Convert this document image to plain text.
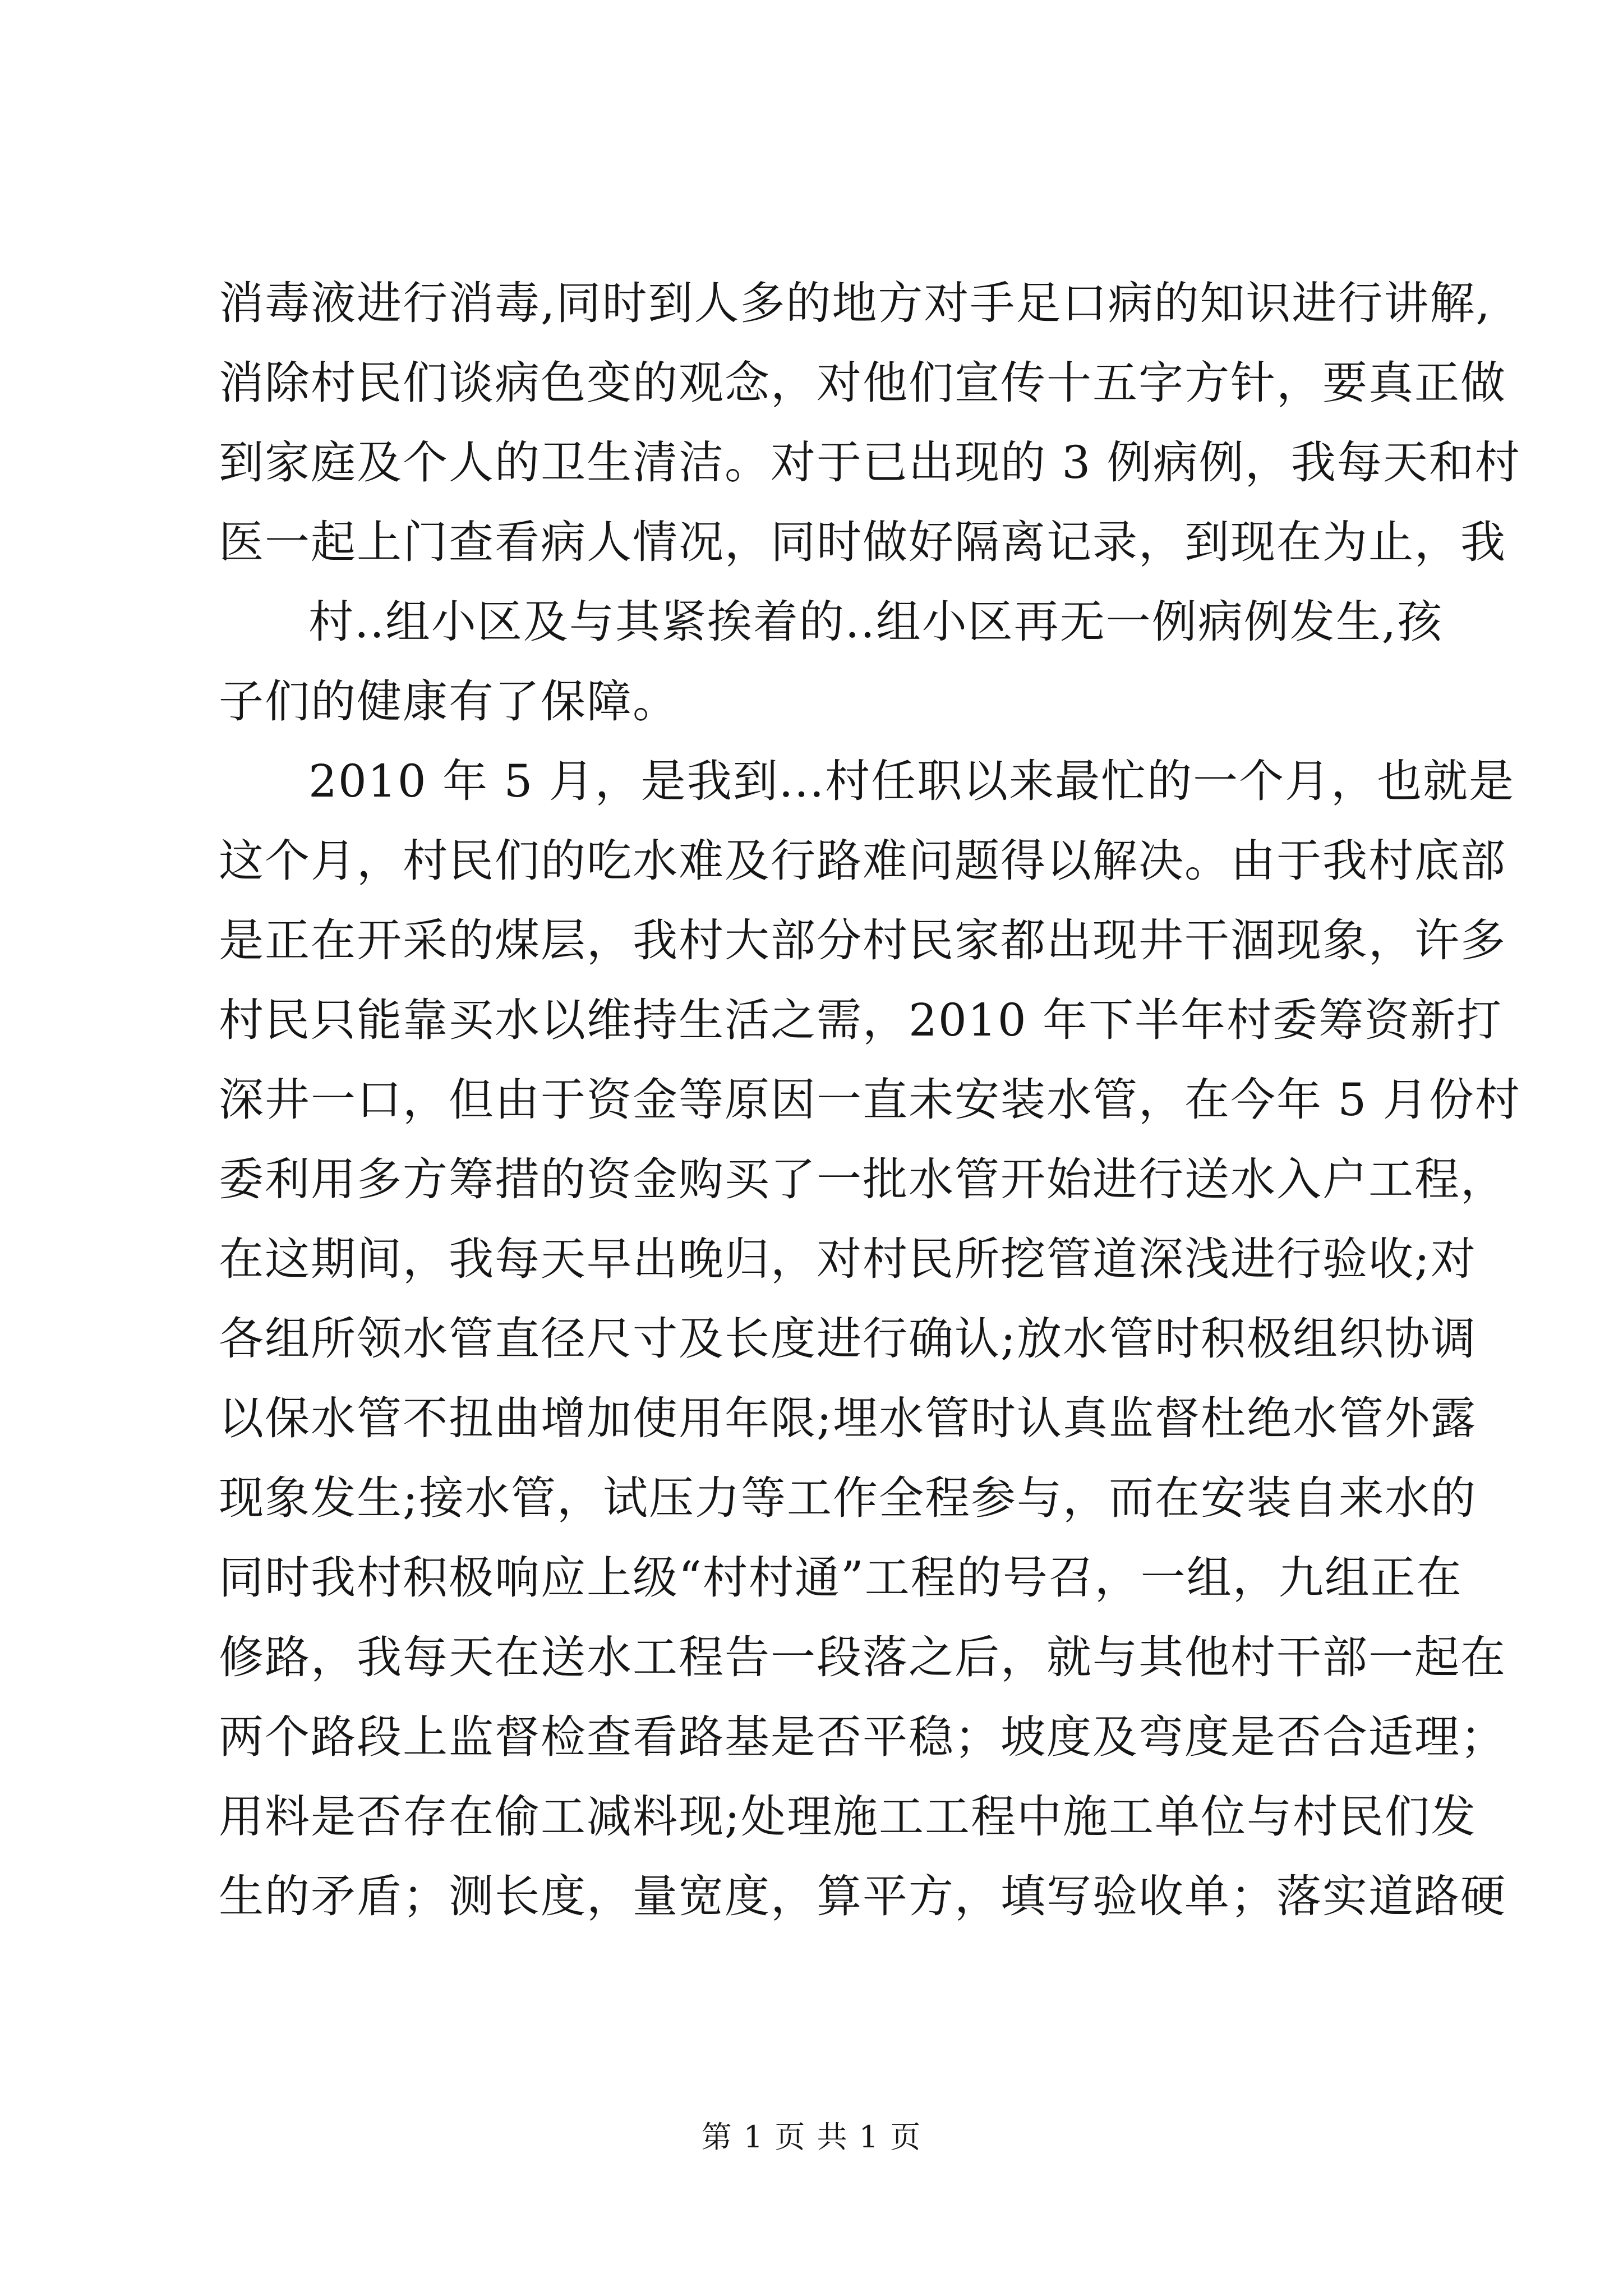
消毒液进行消毒,同时到人多的地方对手足口病的知识进行讲解,
消除村民们谈病色变的观念，对他们宣传十五字方针，要真正做
到家庭及个人的卫生清洁。对于已出现的 3 例病例，我每天和村
医一起上门查看病人情况，同时做好隔离记录，到现在为止，我
村..组小区及与其紧挨着的..组小区再无一例病例发生,孩
子们的健康有了保障。
2010 年 5 月，是我到...村任职以来最忙的一个月，也就是
这个月，村民们的吃水难及行路难问题得以解决。由于我村底部
是正在开采的煤层，我村大部分村民家都出现井干涸现象，许多
村民只能靠买水以维持生活之需，2010 年下半年村委筹资新打
深井一口，但由于资金等原因一直未安装水管，在今年 5 月份村
委利用多方筹措的资金购买了一批水管开始进行送水入户工程，
在这期间，我每天早出晚归，对村民所挖管道深浅进行验收;对
各组所领水管直径尺寸及长度进行确认;放水管时积极组织协调
以保水管不扭曲增加使用年限;埋水管时认真监督杜绝水管外露
现象发生;接水管，试压力等工作全程参与，而在安装自来水的
同时我村积极响应上级“村村通”工程的号召，一组，九组正在
修路，我每天在送水工程告一段落之后，就与其他村干部一起在
两个路段上监督检查看路基是否平稳；坡度及弯度是否合适理；
用料是否存在偷工减料现;处理施工工程中施工单位与村民们发
生的矛盾；测长度，量宽度，算平方，填写验收单；落实道路硬
第 1 页 共 1 页
